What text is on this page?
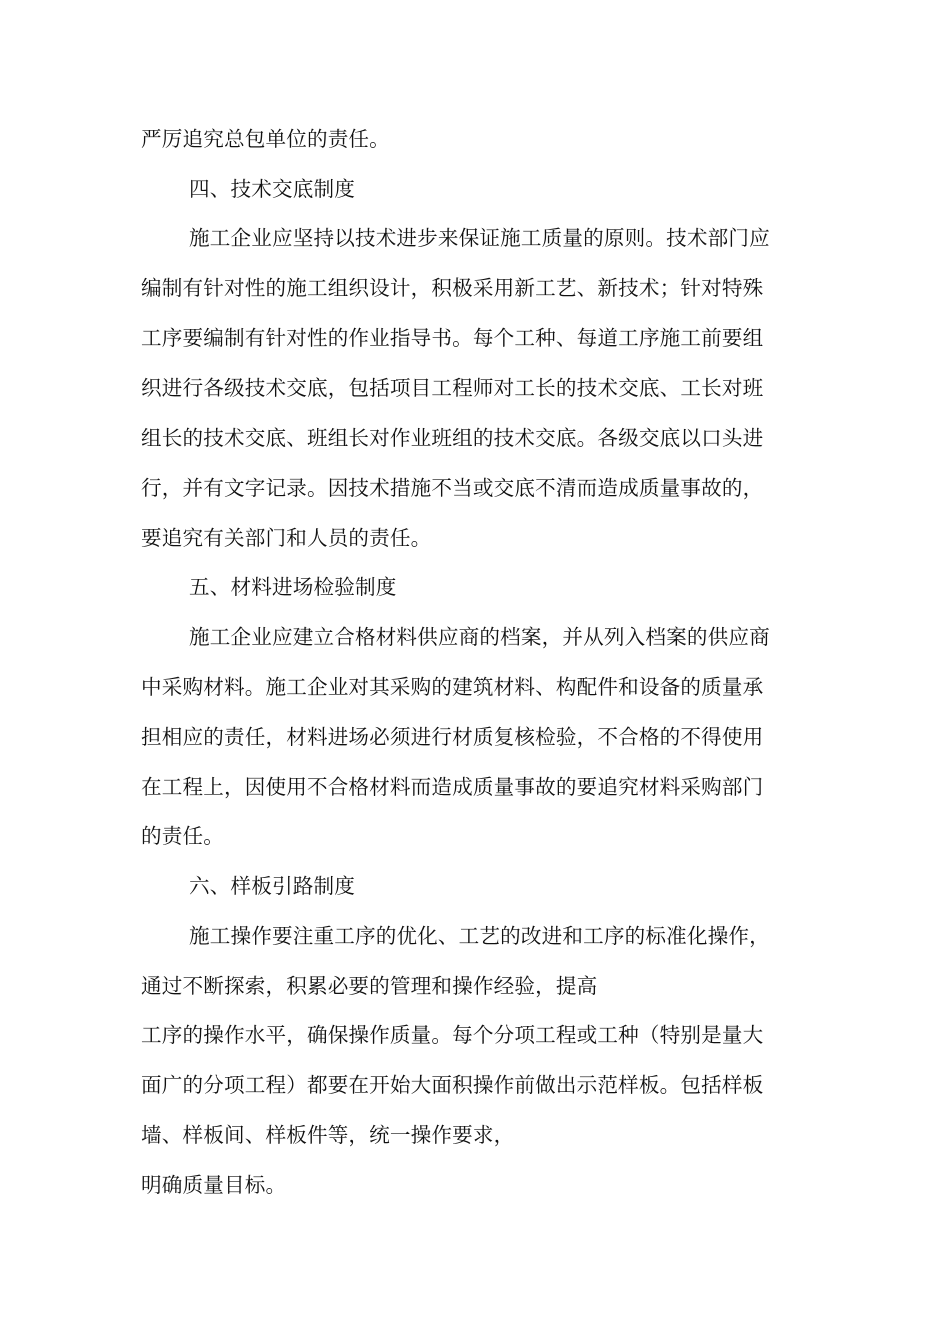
严厉追究总包单位的责任。
四、技术交底制度
施工企业应坚持以技术进步来保证施工质量的原则。技术部门应
编制有针对性的施工组织设计，积极采用新工艺、新技术；针对特殊
工序要编制有针对性的作业指导书。每个工种、每道工序施工前要组
织进行各级技术交底，包括项目工程师对工长的技术交底、工长对班
组长的技术交底、班组长对作业班组的技术交底。各级交底以口头进
行，并有文字记录。因技术措施不当或交底不清而造成质量事故的，
要追究有关部门和人员的责任。
五、材料进场检验制度
施工企业应建立合格材料供应商的档案，并从列入档案的供应商
中采购材料。施工企业对其采购的建筑材料、构配件和设备的质量承
担相应的责任，材料进场必须进行材质复核检验，不合格的不得使用
在工程上，因使用不合格材料而造成质量事故的要追究材料采购部门
的责任。
六、样板引路制度
施工操作要注重工序的优化、工艺的改进和工序的标准化操作，
通过不断探索，积累必要的管理和操作经验，提高
工序的操作水平，确保操作质量。每个分项工程或工种（特别是量大
面广的分项工程）都要在开始大面积操作前做出示范样板。包括样板
墙、样板间、样板件等，统一操作要求，
明确质量目标。
